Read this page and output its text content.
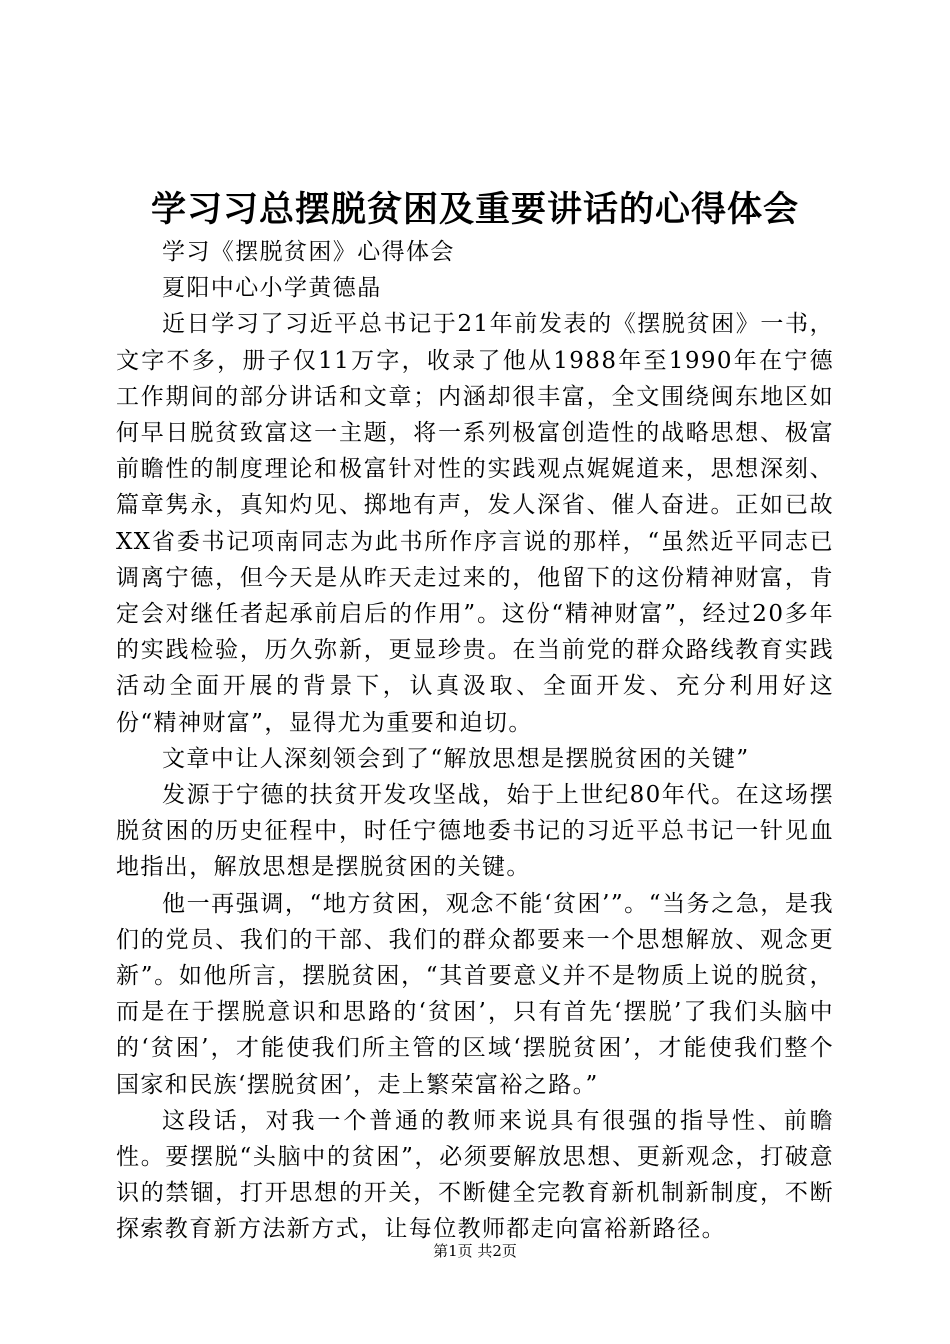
学习习总摆脱贫困及重要讲话的心得体会

学习《摆脱贫困》心得体会

夏阳中心小学黄德晶

近日学习了习近平总书记于21年前发表的《摆脱贫困》一书，文字不多，册子仅11万字，收录了他从1988年至1990年在宁德工作期间的部分讲话和文章；内涵却很丰富，全文围绕闽东地区如何早日脱贫致富这一主题，将一系列极富创造性的战略思想、极富前瞻性的制度理论和极富针对性的实践观点娓娓道来，思想深刻、篇章隽永，真知灼见、掷地有声，发人深省、催人奋进。正如已故XX省委书记项南同志为此书所作序言说的那样，“虽然近平同志已调离宁德，但今天是从昨天走过来的，他留下的这份精神财富，肯定会对继任者起承前启后的作用”。这份“精神财富”，经过20多年的实践检验，历久弥新，更显珍贵。在当前党的群众路线教育实践活动全面开展的背景下，认真汲取、全面开发、充分利用好这份“精神财富”，显得尤为重要和迫切。

文章中让人深刻领会到了“解放思想是摆脱贫困的关键”

发源于宁德的扶贫开发攻坚战，始于上世纪80年代。在这场摆脱贫困的历史征程中，时任宁德地委书记的习近平总书记一针见血地指出，解放思想是摆脱贫困的关键。

他一再强调，“地方贫困，观念不能‘贫困’”。“当务之急，是我们的党员、我们的干部、我们的群众都要来一个思想解放、观念更新”。如他所言，摆脱贫困，“其首要意义并不是物质上说的脱贫，而是在于摆脱意识和思路的‘贫困’，只有首先‘摆脱’了我们头脑中的‘贫困’，才能使我们所主管的区域‘摆脱贫困’，才能使我们整个国家和民族‘摆脱贫困’，走上繁荣富裕之路。”

这段话，对我一个普通的教师来说具有很强的指导性、前瞻性。要摆脱“头脑中的贫困”，必须要解放思想、更新观念，打破意识的禁锢，打开思想的开关，不断健全完教育新机制新制度，不断探索教育新方法新方式，让每位教师都走向富裕新路径。

第1页 共2页
